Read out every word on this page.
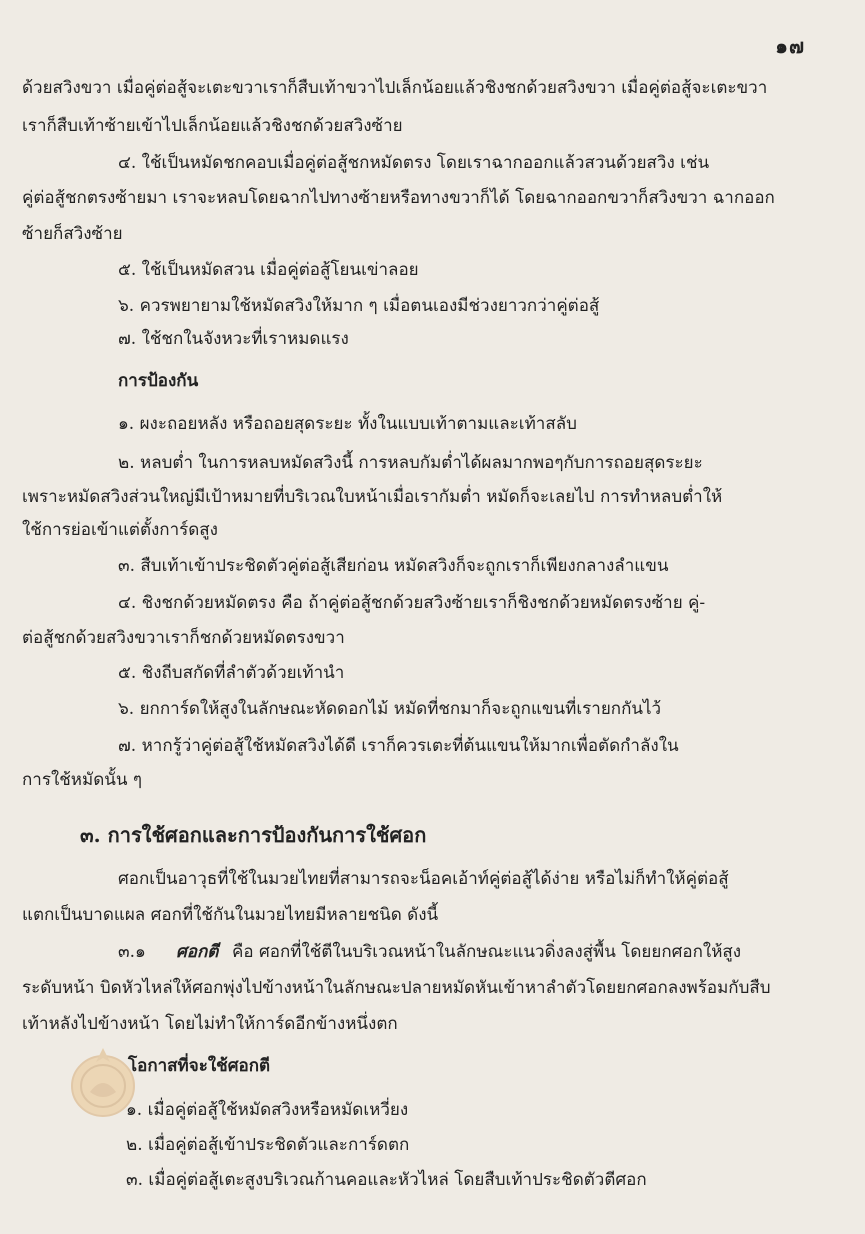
๑๗
ด้วยสวิงขวา เมื่อคู่ต่อสู้จะเตะขวาเราก็สืบเท้าขวาไปเล็กน้อยแล้วชิงชกด้วยสวิงขวา เมื่อคู่ต่อสู้จะเตะขวา
เราก็สืบเท้าซ้ายเข้าไปเล็กน้อยแล้วชิงชกด้วยสวิงซ้าย
๔. ใช้เป็นหมัดชกคอบเมื่อคู่ต่อสู้ชกหมัดตรง โดยเราฉากออกแล้วสวนด้วยสวิง เช่น
คู่ต่อสู้ชกตรงซ้ายมา เราจะหลบโดยฉากไปทางซ้ายหรือทางขวาก็ได้ โดยฉากออกขวาก็สวิงขวา ฉากออก
ซ้ายก็สวิงซ้าย
๕. ใช้เป็นหมัดสวน เมื่อคู่ต่อสู้โยนเข่าลอย
๖. ควรพยายามใช้หมัดสวิงให้มาก ๆ เมื่อตนเองมีช่วงยาวกว่าคู่ต่อสู้
๗. ใช้ชกในจังหวะที่เราหมดแรง
การป้องกัน
๑. ผงะถอยหลัง หรือถอยสุดระยะ ทั้งในแบบเท้าตามและเท้าสลับ
๒. หลบต่ำ ในการหลบหมัดสวิงนี้ การหลบกัมต่ำได้ผลมากพอๆกับการถอยสุดระยะ
เพราะหมัดสวิงส่วนใหญ่มีเป้าหมายที่บริเวณใบหน้าเมื่อเรากัมต่ำ หมัดก็จะเลยไป การทำหลบต่ำให้
ใช้การย่อเข้าแต่ตั้งการ์ดสูง
๓. สืบเท้าเข้าประชิดตัวคู่ต่อสู้เสียก่อน หมัดสวิงก็จะถูกเราก็เพียงกลางลำแขน
๔. ชิงชกด้วยหมัดตรง คือ ถ้าคู่ต่อสู้ชกด้วยสวิงซ้ายเราก็ชิงชกด้วยหมัดตรงซ้าย คู่-
ต่อสู้ชกด้วยสวิงขวาเราก็ชกด้วยหมัดตรงขวา
๕. ชิงถีบสกัดที่ลำตัวด้วยเท้านำ
๖. ยกการ์ดให้สูงในลักษณะหัดดอกไม้ หมัดที่ชกมาก็จะถูกแขนที่เรายกกันไว้
๗. หากรู้ว่าคู่ต่อสู้ใช้หมัดสวิงได้ดี เราก็ควรเตะที่ต้นแขนให้มากเพื่อตัดกำลังใน
การใช้หมัดนั้น ๆ
๓. การใช้ศอกและการป้องกันการใช้ศอก
ศอกเป็นอาวุธที่ใช้ในมวยไทยที่สามารถจะน็อคเอ้าท์คู่ต่อสู้ได้ง่าย หรือไม่ก็ทำให้คู่ต่อสู้
แตกเป็นบาดแผล ศอกที่ใช้กันในมวยไทยมีหลายชนิด ดังนี้
๓.๑ ศอกตี คือ ศอกที่ใช้ตีในบริเวณหน้าในลักษณะแนวดิ่งลงสู่พื้น โดยยกศอกให้สูง
ระดับหน้า บิดหัวไหล่ให้ศอกพุ่งไปข้างหน้าในลักษณะปลายหมัดหันเข้าหาลำตัวโดยยกศอกลงพร้อมกับสืบ
เท้าหลังไปข้างหน้า โดยไม่ทำให้การ์ดอีกข้างหนึ่งตก
โอกาสที่จะใช้ศอกตี
๑. เมื่อคู่ต่อสู้ใช้หมัดสวิงหรือหมัดเหวี่ยง
๒. เมื่อคู่ต่อสู้เข้าประชิดตัวและการ์ดตก
๓. เมื่อคู่ต่อสู้เตะสูงบริเวณก้านคอและหัวไหล่ โดยสืบเท้าประชิดตัวตีศอก
